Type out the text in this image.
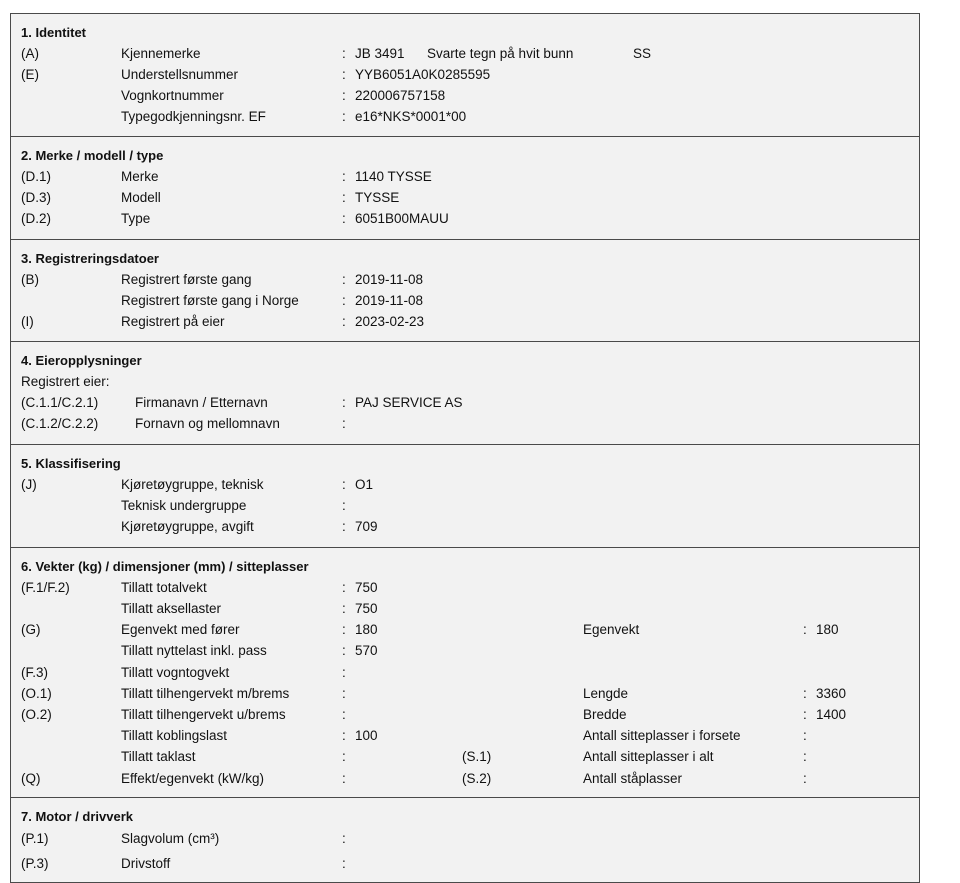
1. Identitet
(A)	Kjennemerke	: JB 3491 Svarte tegn på hvit bunn	SS
(E)	Understellsnummer	: YYB6051A0K0285595
Vognkortnummer	: 220006757158
Typegodkjenningsnr. EF	: e16*NKS*0001*00
2. Merke / modell / type
(D.1)	Merke	: 1140 TYSSE
(D.3)	Modell	: TYSSE
(D.2)	Type	: 6051B00MAUU
3. Registreringsdatoer
(B)	Registrert første gang	: 2019-11-08
Registrert første gang i Norge	: 2019-11-08
(I)	Registrert på eier	: 2023-02-23
4. Eieropplysninger
Registrert eier:
(C.1.1/C.2.1)	Firmanavn / Etternavn	: PAJ SERVICE AS
(C.1.2/C.2.2)	Fornavn og mellomnavn	:
5. Klassifisering
(J)	Kjøretøygruppe, teknisk	: O1
Teknisk undergruppe	:
Kjøretøygruppe, avgift	: 709
6. Vekter (kg) / dimensjoner (mm) / sitteplasser
(F.1/F.2)	Tillatt totalvekt	: 750
Tillatt aksellaster	: 750
(G)	Egenvekt med fører	: 180	Egenvekt	: 180
Tillatt nyttelast inkl. pass	: 570
(F.3)	Tillatt vogntogvekt	:
(O.1)	Tillatt tilhengervekt m/brems	:	Lengde	: 3360
(O.2)	Tillatt tilhengervekt u/brems	:	Bredde	: 1400
Tillatt koblingslast	: 100	Antall sitteplasser i forsete	:
Tillatt taklast	:	(S.1)	Antall sitteplasser i alt	:
(Q)	Effekt/egenvekt (kW/kg)	:	(S.2)	Antall ståplasser	:
7. Motor / drivverk
(P.1)	Slagvolum (cm³)	:
(P.3)	Drivstoff	:
